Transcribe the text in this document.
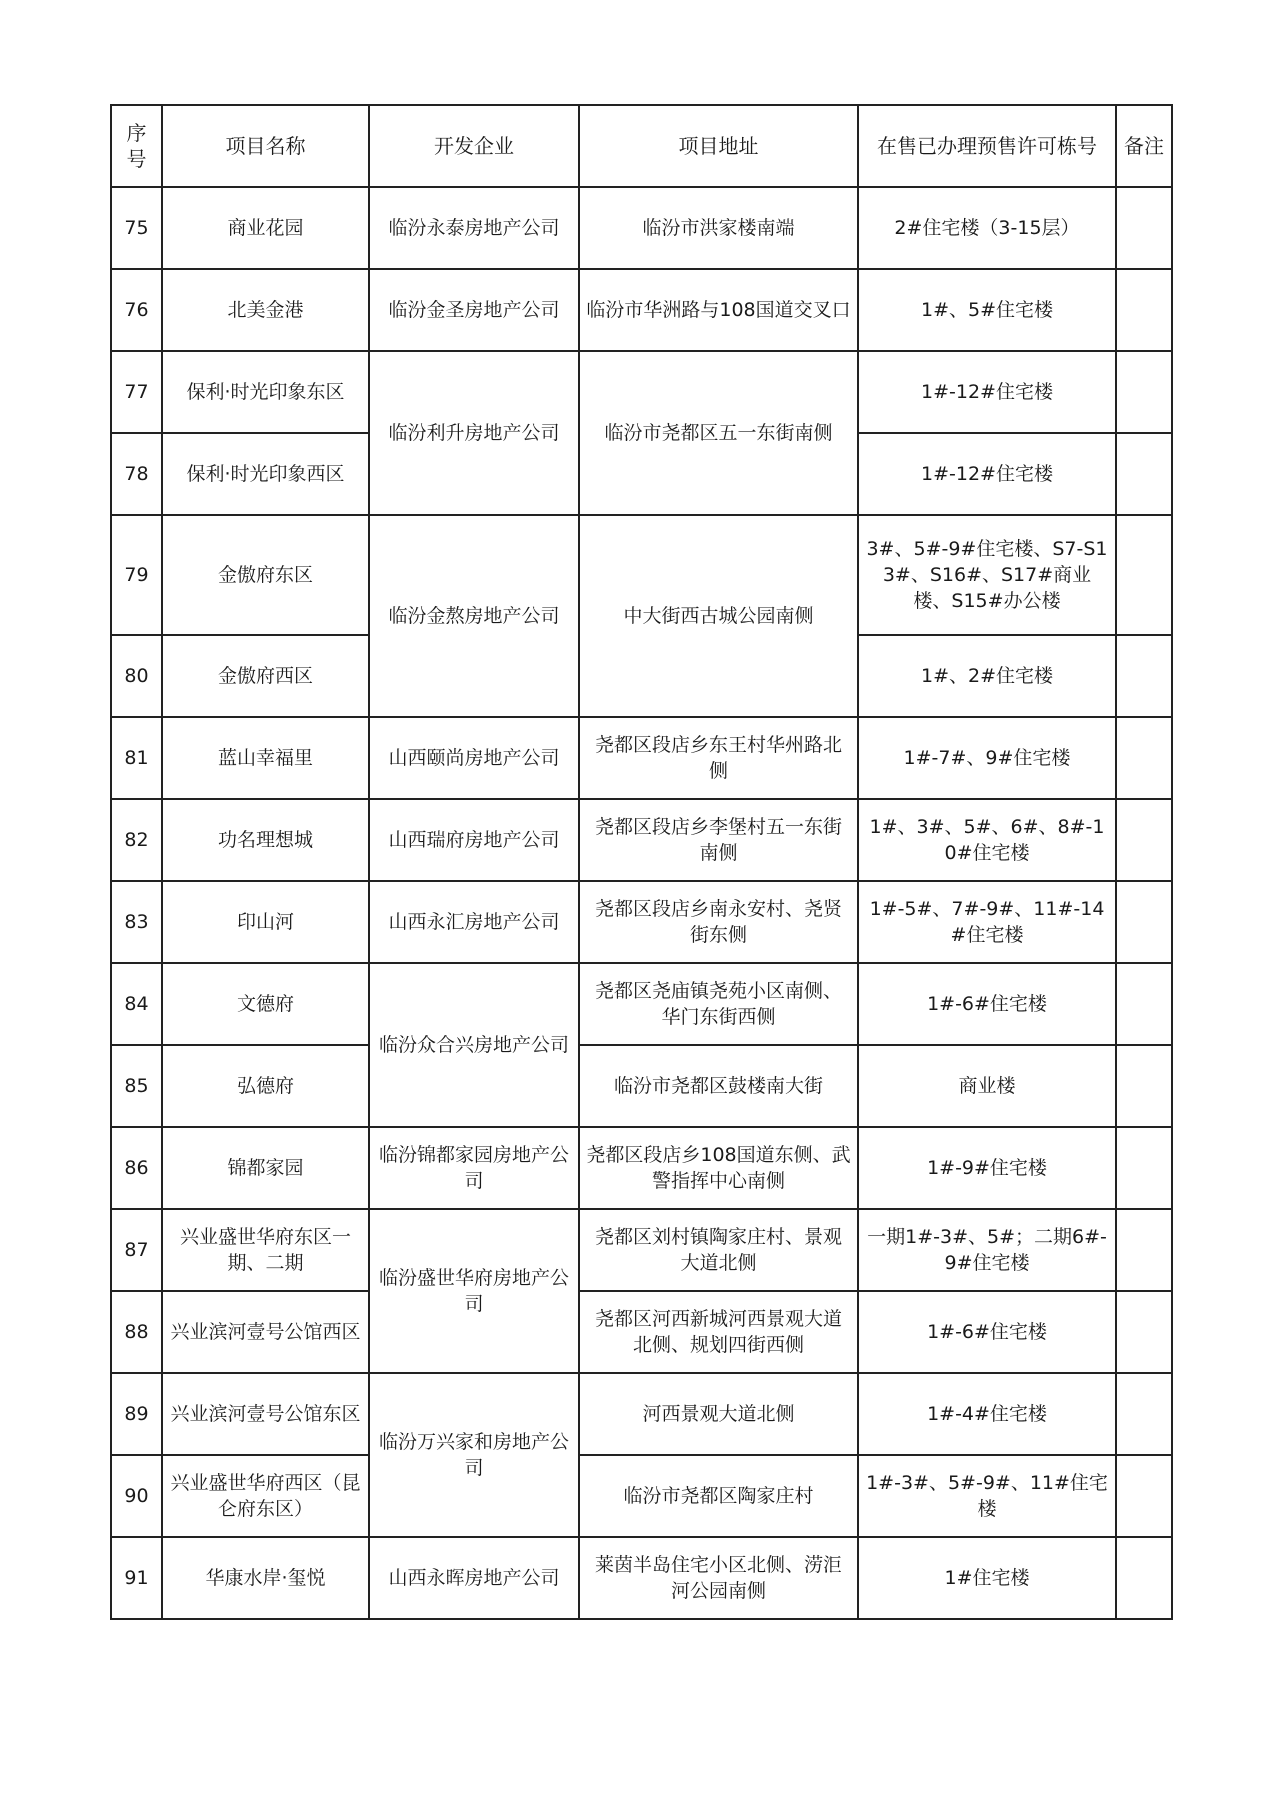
序号	项目名称	开发企业	项目地址	在售已办理预售许可栋号	备注
75	商业花园	临汾永泰房地产公司	临汾市洪家楼南端	2#住宅楼（3-15层）	
76	北美金港	临汾金圣房地产公司	临汾市华洲路与108国道交叉口	1#、5#住宅楼	
77	保利·时光印象东区	临汾利升房地产公司	临汾市尧都区五一东街南侧	1#-12#住宅楼	
78	保利·时光印象西区			1#-12#住宅楼	
79	金傲府东区	临汾金熬房地产公司	中大街西古城公园南侧	3#、5#-9#住宅楼、S7-S13#、S16#、S17#商业楼、S15#办公楼	
80	金傲府西区			1#、2#住宅楼	
81	蓝山幸福里	山西颐尚房地产公司	尧都区段店乡东王村华州路北侧	1#-7#、9#住宅楼	
82	功名理想城	山西瑞府房地产公司	尧都区段店乡李堡村五一东街南侧	1#、3#、5#、6#、8#-10#住宅楼	
83	印山河	山西永汇房地产公司	尧都区段店乡南永安村、尧贤街东侧	1#-5#、7#-9#、11#-14#住宅楼	
84	文德府	临汾众合兴房地产公司	尧都区尧庙镇尧苑小区南侧、华门东街西侧	1#-6#住宅楼	
85	弘德府		临汾市尧都区鼓楼南大街	商业楼	
86	锦都家园	临汾锦都家园房地产公司	尧都区段店乡108国道东侧、武警指挥中心南侧	1#-9#住宅楼	
87	兴业盛世华府东区一期、二期	临汾盛世华府房地产公司	尧都区刘村镇陶家庄村、景观大道北侧	一期1#-3#、5#；二期6#-9#住宅楼	
88	兴业滨河壹号公馆西区		尧都区河西新城河西景观大道北侧、规划四街西侧	1#-6#住宅楼	
89	兴业滨河壹号公馆东区	临汾万兴家和房地产公司	河西景观大道北侧	1#-4#住宅楼	
90	兴业盛世华府西区（昆仑府东区）		临汾市尧都区陶家庄村	1#-3#、5#-9#、11#住宅楼	
91	华康水岸·玺悦	山西永晖房地产公司	莱茵半岛住宅小区北侧、涝洰河公园南侧	1#住宅楼	
